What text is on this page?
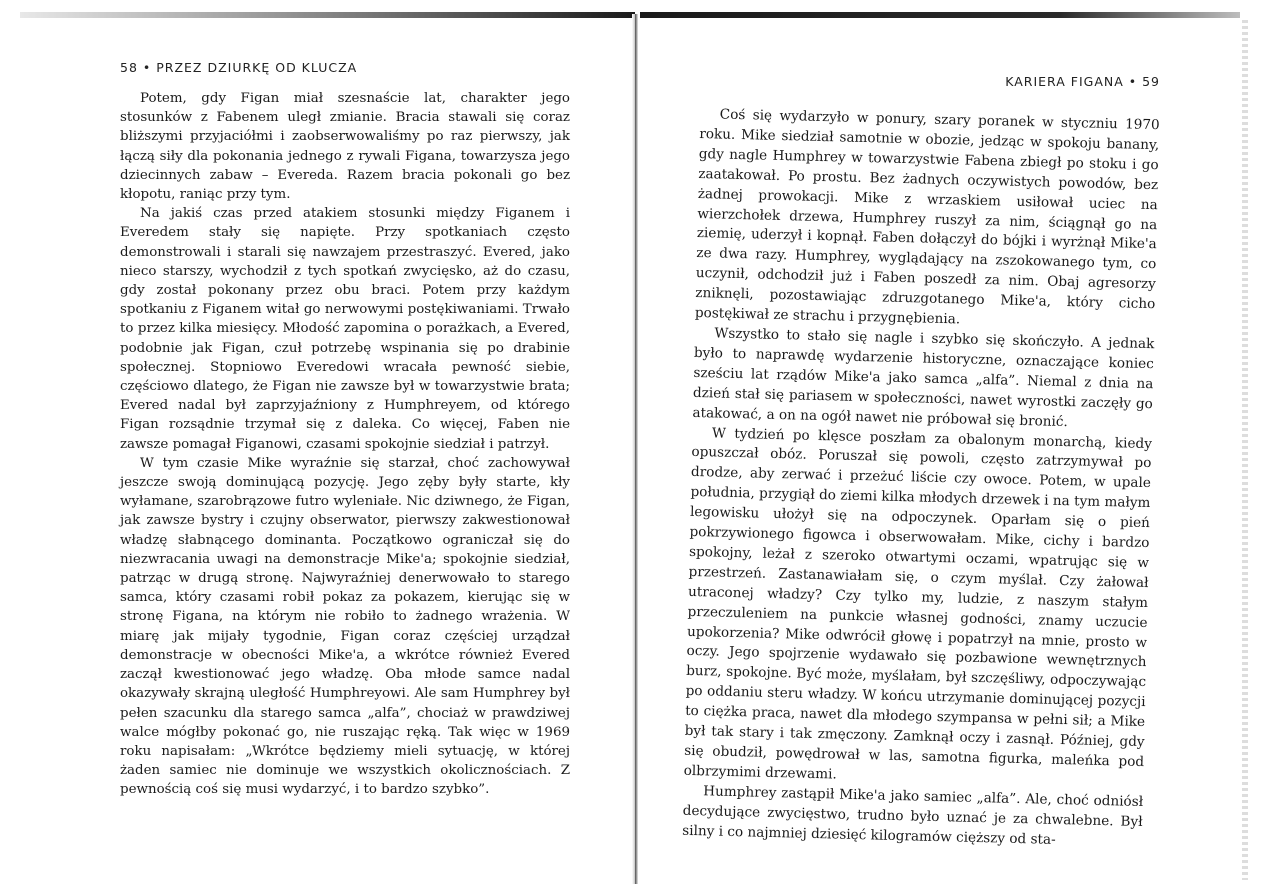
58 • PRZEZ DZIURKĘ OD KLUCZA

Potem, gdy Figan miał szesnaście lat, charakter jego stosunków z Fabenem uległ zmianie. Bracia stawali się coraz bliższymi przyjaciółmi i zaobserwowaliśmy po raz pierwszy, jak łączą siły dla pokonania jednego z rywali Figana, towarzysza jego dziecinnych zabaw – Evereda. Razem bracia pokonali go bez kłopotu, raniąc przy tym.

Na jakiś czas przed atakiem stosunki między Figanem i Everedem stały się napięte. Przy spotkaniach często demonstrowali i starali się nawzajem przestraszyć. Evered, jako nieco starszy, wychodził z tych spotkań zwycięsko, aż do czasu, gdy został pokonany przez obu braci. Potem przy każdym spotkaniu z Figanem witał go nerwowymi postękiwaniami. Trwało to przez kilka miesięcy. Młodość zapomina o porażkach, a Evered, podobnie jak Figan, czuł potrzebę wspinania się po drabinie społecznej. Stopniowo Everedowi wracała pewność siebie, częściowo dlatego, że Figan nie zawsze był w towarzystwie brata; Evered nadal był zaprzyjaźniony z Humphreyem, od którego Figan rozsądnie trzymał się z daleka. Co więcej, Faben nie zawsze pomagał Figanowi, czasami spokojnie siedział i patrzył.

W tym czasie Mike wyraźnie się starzał, choć zachowywał jeszcze swoją dominującą pozycję. Jego zęby były starte, kły wyłamane, szarobrązowe futro wyleniałe. Nic dziwnego, że Figan, jak zawsze bystry i czujny obserwator, pierwszy zakwestionował władzę słabnącego dominanta. Początkowo ograniczał się do niezwracania uwagi na demonstracje Mike'a; spokojnie siedział, patrząc w drugą stronę. Najwyraźniej denerwowało to starego samca, który czasami robił pokaz za pokazem, kierując się w stronę Figana, na którym nie robiło to żadnego wrażenia. W miarę jak mijały tygodnie, Figan coraz częściej urządzał demonstracje w obecności Mike'a, a wkrótce również Evered zaczął kwestionować jego władzę. Oba młode samce nadal okazywały skrajną uległość Humphreyowi. Ale sam Humphrey był pełen szacunku dla starego samca „alfa”, chociaż w prawdziwej walce mógłby pokonać go, nie ruszając ręką. Tak więc w 1969 roku napisałam: „Wkrótce będziemy mieli sytuację, w której żaden samiec nie dominuje we wszystkich okolicznościach. Z pewnością coś się musi wydarzyć, i to bardzo szybko”.

KARIERA FIGANA • 59

Coś się wydarzyło w ponury, szary poranek w styczniu 1970 roku. Mike siedział samotnie w obozie, jedząc w spokoju banany, gdy nagle Humphrey w towarzystwie Fabena zbiegł po stoku i go zaatakował. Po prostu. Bez żadnych oczywistych powodów, bez żadnej prowokacji. Mike z wrzaskiem usiłował uciec na wierzchołek drzewa, Humphrey ruszył za nim, ściągnął go na ziemię, uderzył i kopnął. Faben dołączył do bójki i wyrżnął Mike'a ze dwa razy. Humphrey, wyglądający na zszokowanego tym, co uczynił, odchodził już i Faben poszedł za nim. Obaj agresorzy zniknęli, pozostawiając zdruzgotanego Mike'a, który cicho postękiwał ze strachu i przygnębienia.

Wszystko to stało się nagle i szybko się skończyło. A jednak było to naprawdę wydarzenie historyczne, oznaczające koniec sześciu lat rządów Mike'a jako samca „alfa”. Niemal z dnia na dzień stał się pariasem w społeczności, nawet wyrostki zaczęły go atakować, a on na ogół nawet nie próbował się bronić.

W tydzień po klęsce poszłam za obalonym monarchą, kiedy opuszczał obóz. Poruszał się powoli, często zatrzymywał po drodze, aby zerwać i przeżuć liście czy owoce. Potem, w upale południa, przygiął do ziemi kilka młodych drzewek i na tym małym legowisku ułożył się na odpoczynek. Oparłam się o pień pokrzywionego figowca i obserwowałam. Mike, cichy i bardzo spokojny, leżał z szeroko otwartymi oczami, wpatrując się w przestrzeń. Zastanawiałam się, o czym myślał. Czy żałował utraconej władzy? Czy tylko my, ludzie, z naszym stałym przeczuleniem na punkcie własnej godności, znamy uczucie upokorzenia? Mike odwrócił głowę i popatrzył na mnie, prosto w oczy. Jego spojrzenie wydawało się pozbawione wewnętrznych burz, spokojne. Być może, myślałam, był szczęśliwy, odpoczywając po oddaniu steru władzy. W końcu utrzymanie dominującej pozycji to ciężka praca, nawet dla młodego szympansa w pełni sił; a Mike był tak stary i tak zmęczony. Zamknął oczy i zasnął. Później, gdy się obudził, powędrował w las, samotna figurka, maleńka pod olbrzymimi drzewami.

Humphrey zastąpił Mike'a jako samiec „alfa”. Ale, choć odniósł decydujące zwycięstwo, trudno było uznać je za chwalebne. Był silny i co najmniej dziesięć kilogramów cięższy od sta-
